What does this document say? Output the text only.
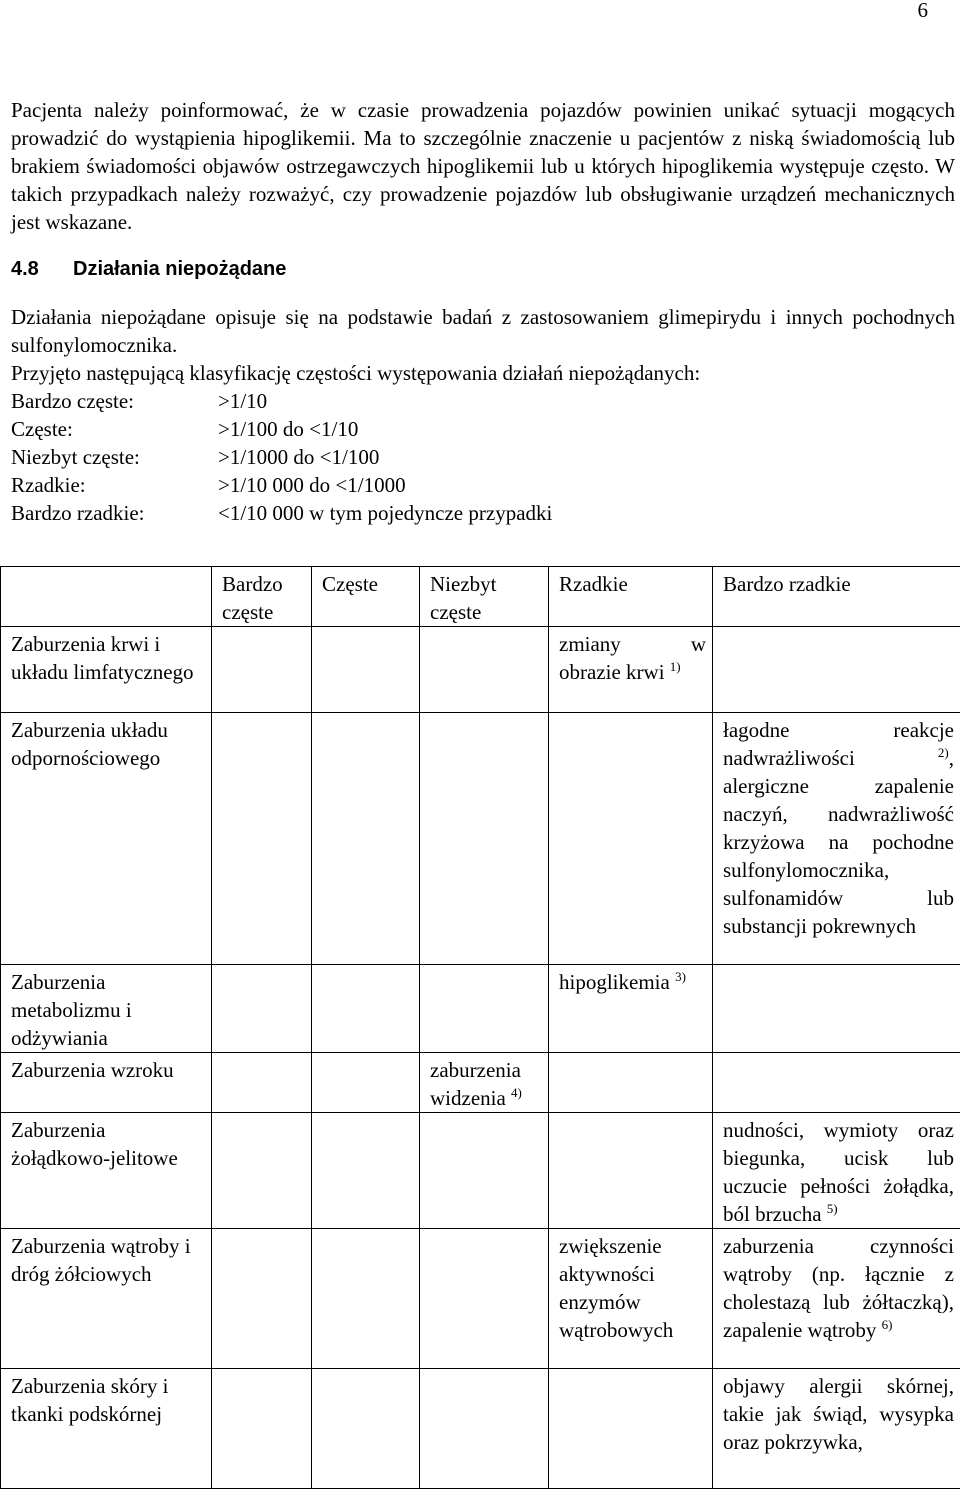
6

Pacjenta należy poinformować, że w czasie prowadzenia pojazdów powinien unikać sytuacji mogących prowadzić do wystąpienia hipoglikemii. Ma to szczególnie znaczenie u pacjentów z niską świadomością lub brakiem świadomości objawów ostrzegawczych hipoglikemii lub u których hipoglikemia występuje często. W takich przypadkach należy rozważyć, czy prowadzenie pojazdów lub obsługiwanie urządzeń mechanicznych jest wskazane.

4.8 Działania niepożądane

Działania niepożądane opisuje się na podstawie badań z zastosowaniem glimepirydu i innych pochodnych sulfonylomocznika.

Przyjęto następującą klasyfikację częstości występowania działań niepożądanych:

Bardzo częste:	>1/10
Częste:	>1/100 do <1/10
Niezbyt częste:	>1/1000 do <1/100
Rzadkie:	>1/10 000 do <1/1000
Bardzo rzadkie:	<1/10 000 w tym pojedyncze przypadki
	Bardzo częste	Częste	Niezbyt częste	Rzadkie	Bardzo rzadkie
Zaburzenia krwi i układu limfatycznego				zmiany w obrazie krwi $^{1)}$	
Zaburzenia układu odpornościowego					łagodne reakcje nadwrażliwości $^{2)}$, alergiczne zapalenie naczyń, nadwrażliwość krzyżowa na pochodne sulfonylomocznika, sulfonamidów lub substancji pokrewnych
Zaburzenia metabolizmu i odżywiania				hipoglikemia $^{3)}$	
Zaburzenia wzroku			zaburzenia widzenia $^{4)}$		
Zaburzenia żołądkowo-jelitowe					nudności, wymioty oraz biegunka, ucisk lub uczucie pełności żołądka, ból brzucha $^{5)}$
Zaburzenia wątroby i dróg żółciowych				zwiększenie aktywności enzymów wątrobowych	zaburzenia czynności wątroby (np. łącznie z cholestazą lub żółtaczką), zapalenie wątroby $^{6)}$
Zaburzenia skóry i tkanki podskórnej					objawy alergii skórnej, takie jak świąd, wysypka oraz pokrzywka,
